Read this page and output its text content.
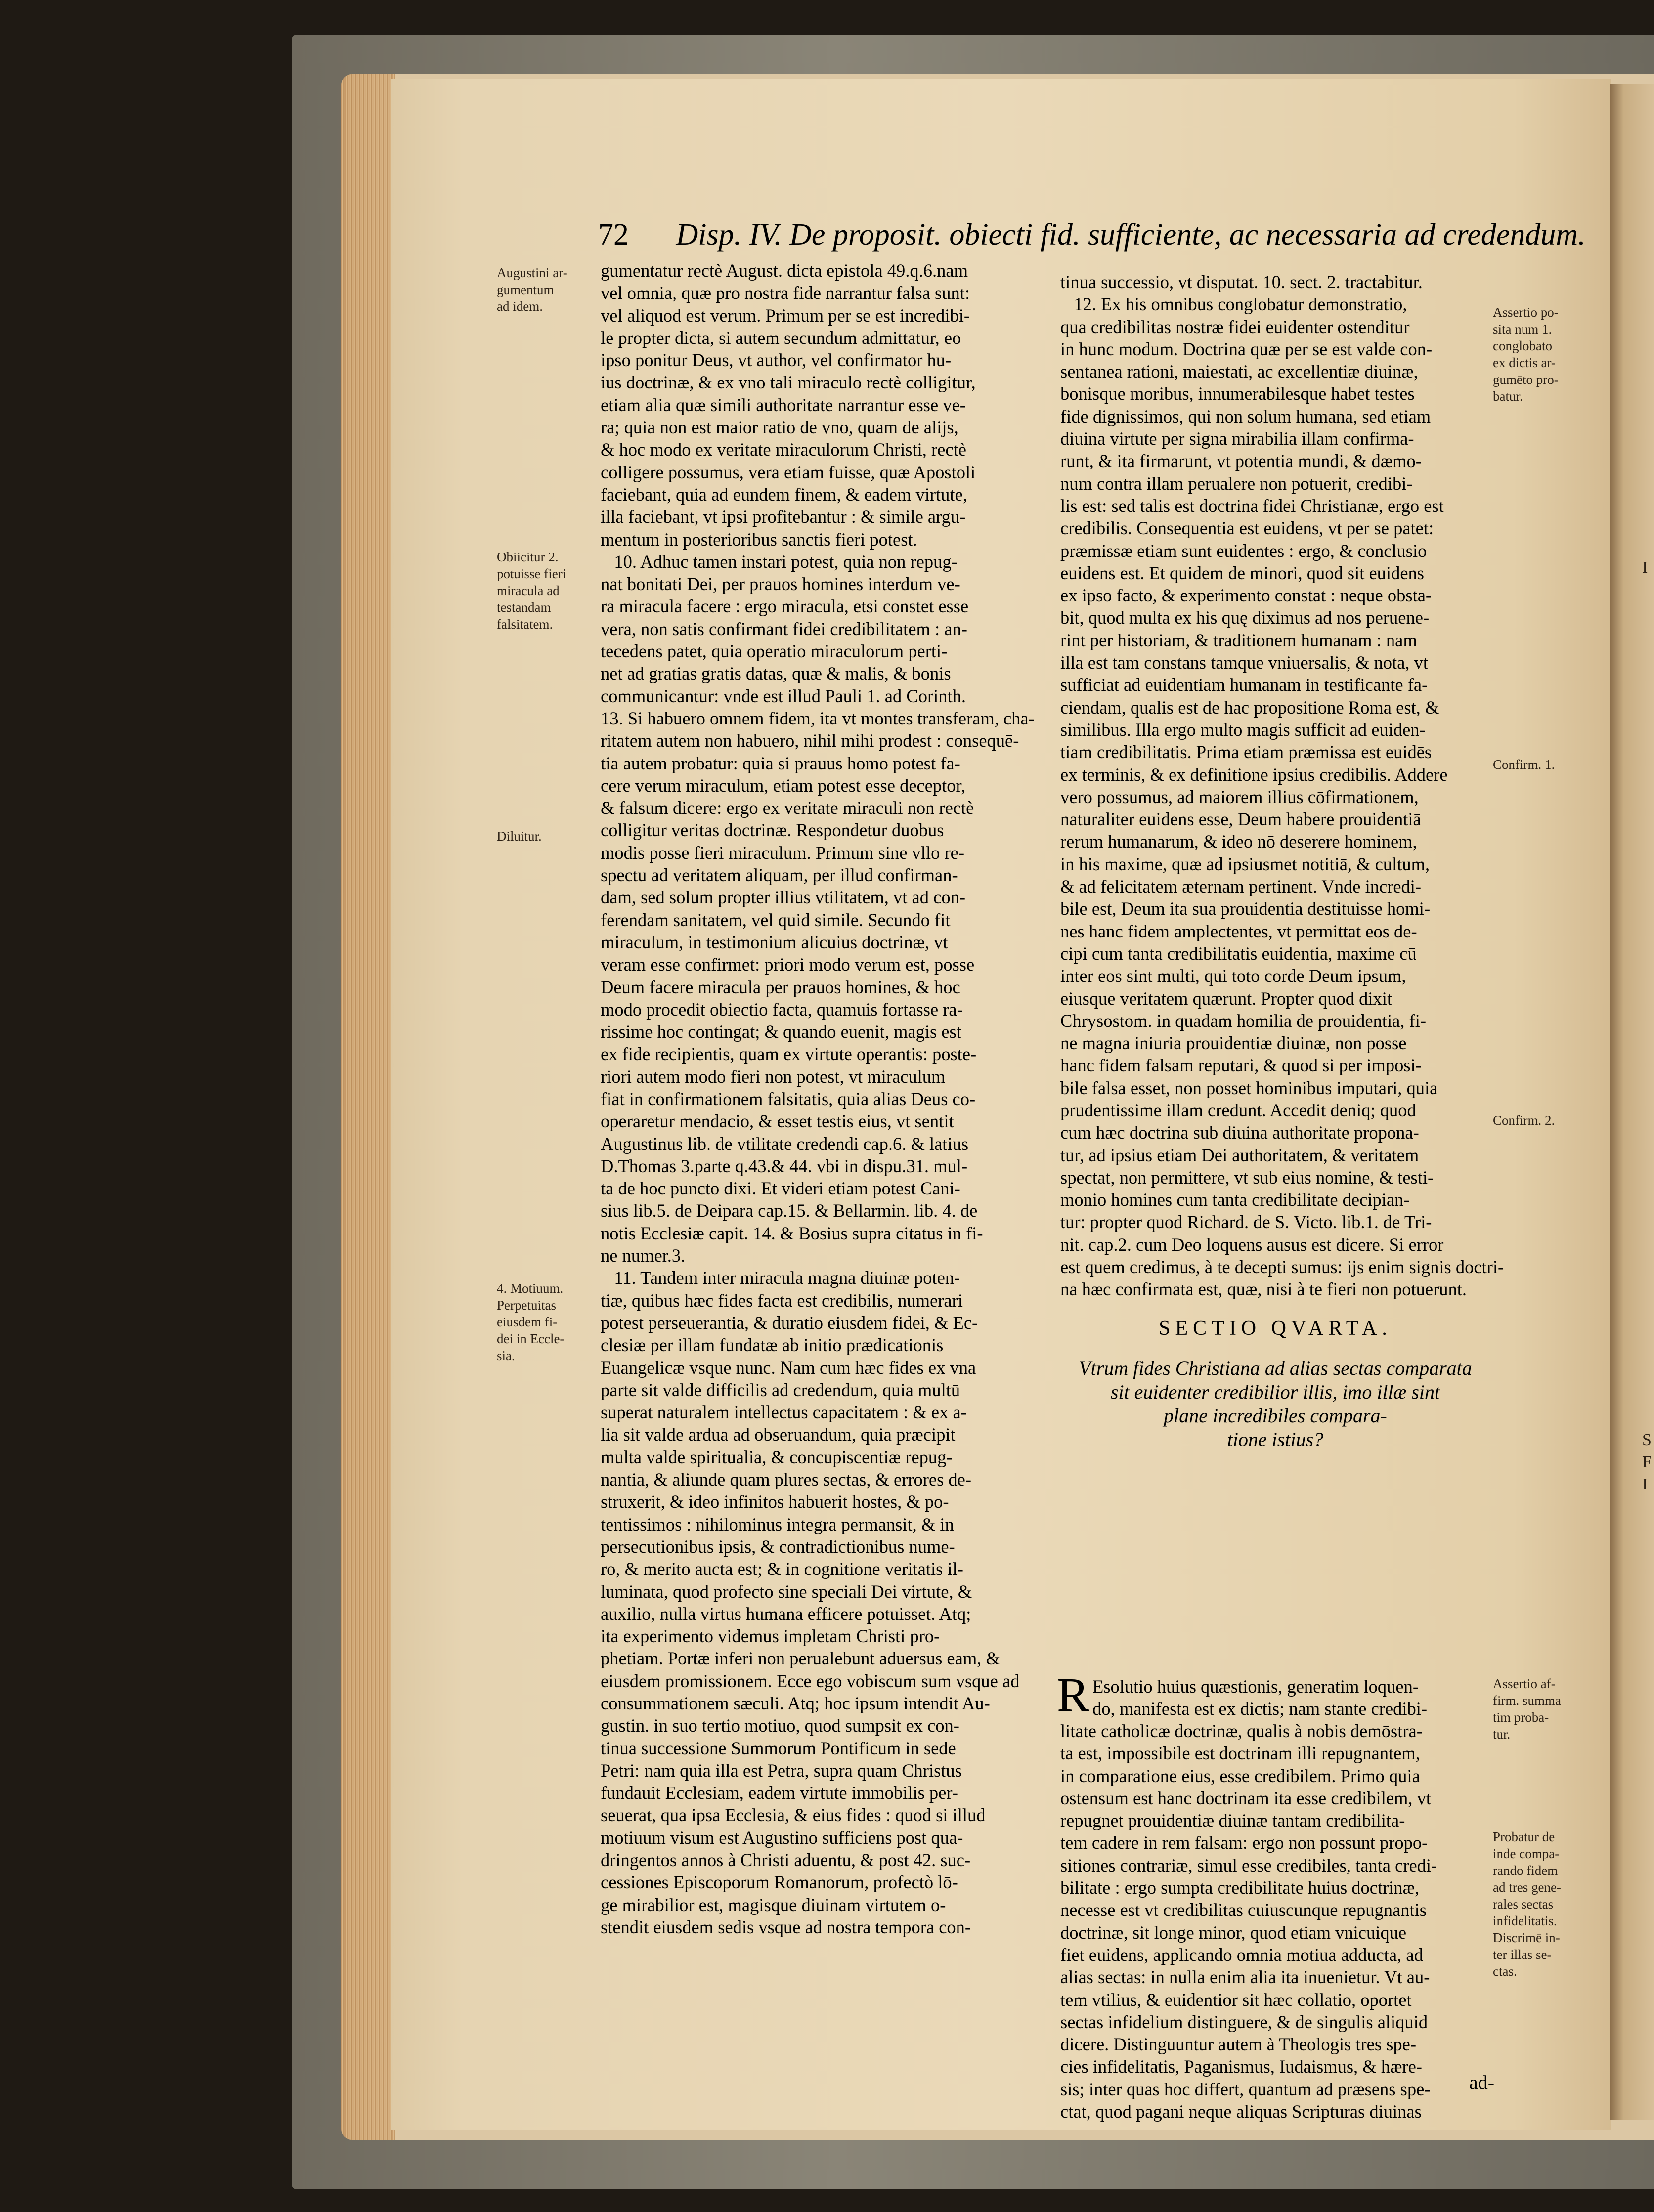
I
S
F
I
72 Disp. IV. De proposit. obiecti fid. sufficiente, ac necessaria ad credendum.
gumentatur rectè August. dicta epistola 49.q.6.nam
vel omnia, quæ pro nostra fide narrantur falsa sunt:
vel aliquod est verum. Primum per se est incredibi-
le propter dicta, si autem secundum admittatur, eo
ipso ponitur Deus, vt author, vel confirmator hu-
ius doctrinæ, & ex vno tali miraculo rectè colligitur,
etiam alia quæ simili authoritate narrantur esse ve-
ra; quia non est maior ratio de vno, quam de alijs,
& hoc modo ex veritate miraculorum Christi, rectè
colligere possumus, vera etiam fuisse, quæ Apostoli
faciebant, quia ad eundem finem, & eadem virtute,
illa faciebant, vt ipsi profitebantur : & simile argu-
mentum in posterioribus sanctis fieri potest.
10. Adhuc tamen instari potest, quia non repug-
nat bonitati Dei, per prauos homines interdum ve-
ra miracula facere : ergo miracula, etsi constet esse
vera, non satis confirmant fidei credibilitatem : an-
tecedens patet, quia operatio miraculorum perti-
net ad gratias gratis datas, quæ & malis, & bonis
communicantur: vnde est illud Pauli 1. ad Corinth.
13. Si habuero omnem fidem, ita vt montes transferam, cha-
ritatem autem non habuero, nihil mihi prodest : consequē-
tia autem probatur: quia si prauus homo potest fa-
cere verum miraculum, etiam potest esse deceptor,
& falsum dicere: ergo ex veritate miraculi non rectè
colligitur veritas doctrinæ. Respondetur duobus
modis posse fieri miraculum. Primum sine vllo re-
spectu ad veritatem aliquam, per illud confirman-
dam, sed solum propter illius vtilitatem, vt ad con-
ferendam sanitatem, vel quid simile. Secundo fit
miraculum, in testimonium alicuius doctrinæ, vt
veram esse confirmet: priori modo verum est, posse
Deum facere miracula per prauos homines, & hoc
modo procedit obiectio facta, quamuis fortasse ra-
rissime hoc contingat; & quando euenit, magis est
ex fide recipientis, quam ex virtute operantis: poste-
riori autem modo fieri non potest, vt miraculum
fiat in confirmationem falsitatis, quia alias Deus co-
operaretur mendacio, & esset testis eius, vt sentit
Augustinus lib. de vtilitate credendi cap.6. & latius
D.Thomas 3.parte q.43.& 44. vbi in dispu.31. mul-
ta de hoc puncto dixi. Et videri etiam potest Cani-
sius lib.5. de Deipara cap.15. & Bellarmin. lib. 4. de
notis Ecclesiæ capit. 14. & Bosius supra citatus in fi-
ne numer.3.
11. Tandem inter miracula magna diuinæ poten-
tiæ, quibus hæc fides facta est credibilis, numerari
potest perseuerantia, & duratio eiusdem fidei, & Ec-
clesiæ per illam fundatæ ab initio prædicationis
Euangelicæ vsque nunc. Nam cum hæc fides ex vna
parte sit valde difficilis ad credendum, quia multū
superat naturalem intellectus capacitatem : & ex a-
lia sit valde ardua ad obseruandum, quia præcipit
multa valde spiritualia, & concupiscentiæ repug-
nantia, & aliunde quam plures sectas, & errores de-
struxerit, & ideo infinitos habuerit hostes, & po-
tentissimos : nihilominus integra permansit, & in
persecutionibus ipsis, & contradictionibus nume-
ro, & merito aucta est; & in cognitione veritatis il-
luminata, quod profecto sine speciali Dei virtute, &
auxilio, nulla virtus humana efficere potuisset. Atq;
ita experimento videmus impletam Christi pro-
phetiam. Portæ inferi non perualebunt aduersus eam, &
eiusdem promissionem. Ecce ego vobiscum sum vsque ad
consummationem sæculi. Atq; hoc ipsum intendit Au-
gustin. in suo tertio motiuo, quod sumpsit ex con-
tinua successione Summorum Pontificum in sede
Petri: nam quia illa est Petra, supra quam Christus
fundauit Ecclesiam, eadem virtute immobilis per-
seuerat, qua ipsa Ecclesia, & eius fides : quod si illud
motiuum visum est Augustino sufficiens post qua-
dringentos annos à Christi aduentu, & post 42. suc-
cessiones Episcoporum Romanorum, profectò lō-
ge mirabilior est, magisque diuinam virtutem o-
stendit eiusdem sedis vsque ad nostra tempora con-
tinua successio, vt disputat. 10. sect. 2. tractabitur.
12. Ex his omnibus conglobatur demonstratio,
qua credibilitas nostræ fidei euidenter ostenditur
in hunc modum. Doctrina quæ per se est valde con-
sentanea rationi, maiestati, ac excellentiæ diuinæ,
bonisque moribus, innumerabilesque habet testes
fide dignissimos, qui non solum humana, sed etiam
diuina virtute per signa mirabilia illam confirma-
runt, & ita firmarunt, vt potentia mundi, & dæmo-
num contra illam perualere non potuerit, credibi-
lis est: sed talis est doctrina fidei Christianæ, ergo est
credibilis. Consequentia est euidens, vt per se patet:
præmissæ etiam sunt euidentes : ergo, & conclusio
euidens est. Et quidem de minori, quod sit euidens
ex ipso facto, & experimento constat : neque obsta-
bit, quod multa ex his quę diximus ad nos peruene-
rint per historiam, & traditionem humanam : nam
illa est tam constans tamque vniuersalis, & nota, vt
sufficiat ad euidentiam humanam in testificante fa-
ciendam, qualis est de hac propositione Roma est, &
similibus. Illa ergo multo magis sufficit ad euiden-
tiam credibilitatis. Prima etiam præmissa est euidēs
ex terminis, & ex definitione ipsius credibilis. Addere
vero possumus, ad maiorem illius cōfirmationem,
naturaliter euidens esse, Deum habere prouidentiā
rerum humanarum, & ideo nō deserere hominem,
in his maxime, quæ ad ipsiusmet notitiā, & cultum,
& ad felicitatem æternam pertinent. Vnde incredi-
bile est, Deum ita sua prouidentia destituisse homi-
nes hanc fidem amplectentes, vt permittat eos de-
cipi cum tanta credibilitatis euidentia, maxime cū
inter eos sint multi, qui toto corde Deum ipsum,
eiusque veritatem quærunt. Propter quod dixit
Chrysostom. in quadam homilia de prouidentia, fi-
ne magna iniuria prouidentiæ diuinæ, non posse
hanc fidem falsam reputari, & quod si per imposi-
bile falsa esset, non posset hominibus imputari, quia
prudentissime illam credunt. Accedit deniq; quod
cum hæc doctrina sub diuina authoritate propona-
tur, ad ipsius etiam Dei authoritatem, & veritatem
spectat, non permittere, vt sub eius nomine, & testi-
monio homines cum tanta credibilitate decipian-
tur: propter quod Richard. de S. Victo. lib.1. de Tri-
nit. cap.2. cum Deo loquens ausus est dicere. Si error
est quem credimus, à te decepti sumus: ijs enim signis doctri-
na hæc confirmata est, quæ, nisi à te fieri non potuerunt.
SECTIO QVARTA.
Vtrum fides Christiana ad alias sectas comparata
sit euidenter credibilior illis, imo illæ sint
plane incredibiles compara-
tione istius?
R Esolutio huius quæstionis, generatim loquen-
do, manifesta est ex dictis; nam stante credibi-
litate catholicæ doctrinæ, qualis à nobis demōstra-
ta est, impossibile est doctrinam illi repugnantem,
in comparatione eius, esse credibilem. Primo quia
ostensum est hanc doctrinam ita esse credibilem, vt
repugnet prouidentiæ diuinæ tantam credibilita-
tem cadere in rem falsam: ergo non possunt propo-
sitiones contrariæ, simul esse credibiles, tanta credi-
bilitate : ergo sumpta credibilitate huius doctrinæ,
necesse est vt credibilitas cuiuscunque repugnantis
doctrinæ, sit longe minor, quod etiam vnicuique
fiet euidens, applicando omnia motiua adducta, ad
alias sectas: in nulla enim alia ita inuenietur. Vt au-
tem vtilius, & euidentior sit hæc collatio, oportet
sectas infidelium distinguere, & de singulis aliquid
dicere. Distinguuntur autem à Theologis tres spe-
cies infidelitatis, Paganismus, Iudaismus, & hære-
sis; inter quas hoc differt, quantum ad præsens spe-
ctat, quod pagani neque aliquas Scripturas diuinas
ad-
Augustini ar-
gumentum
ad idem.
Obiicitur 2.
potuisse fieri
miracula ad
testandam
falsitatem.
Diluitur.
4. Motiuum.
Perpetuitas
eiusdem fi-
dei in Eccle-
sia.
Assertio po-
sita num 1.
conglobato
ex dictis ar-
gumēto pro-
batur.
Confirm. 1.
Confirm. 2.
Assertio af-
firm. summa
tim proba-
tur.
Probatur de
inde compa-
rando fidem
ad tres gene-
rales sectas
infidelitatis.
Discrimē in-
ter illas se-
ctas.
